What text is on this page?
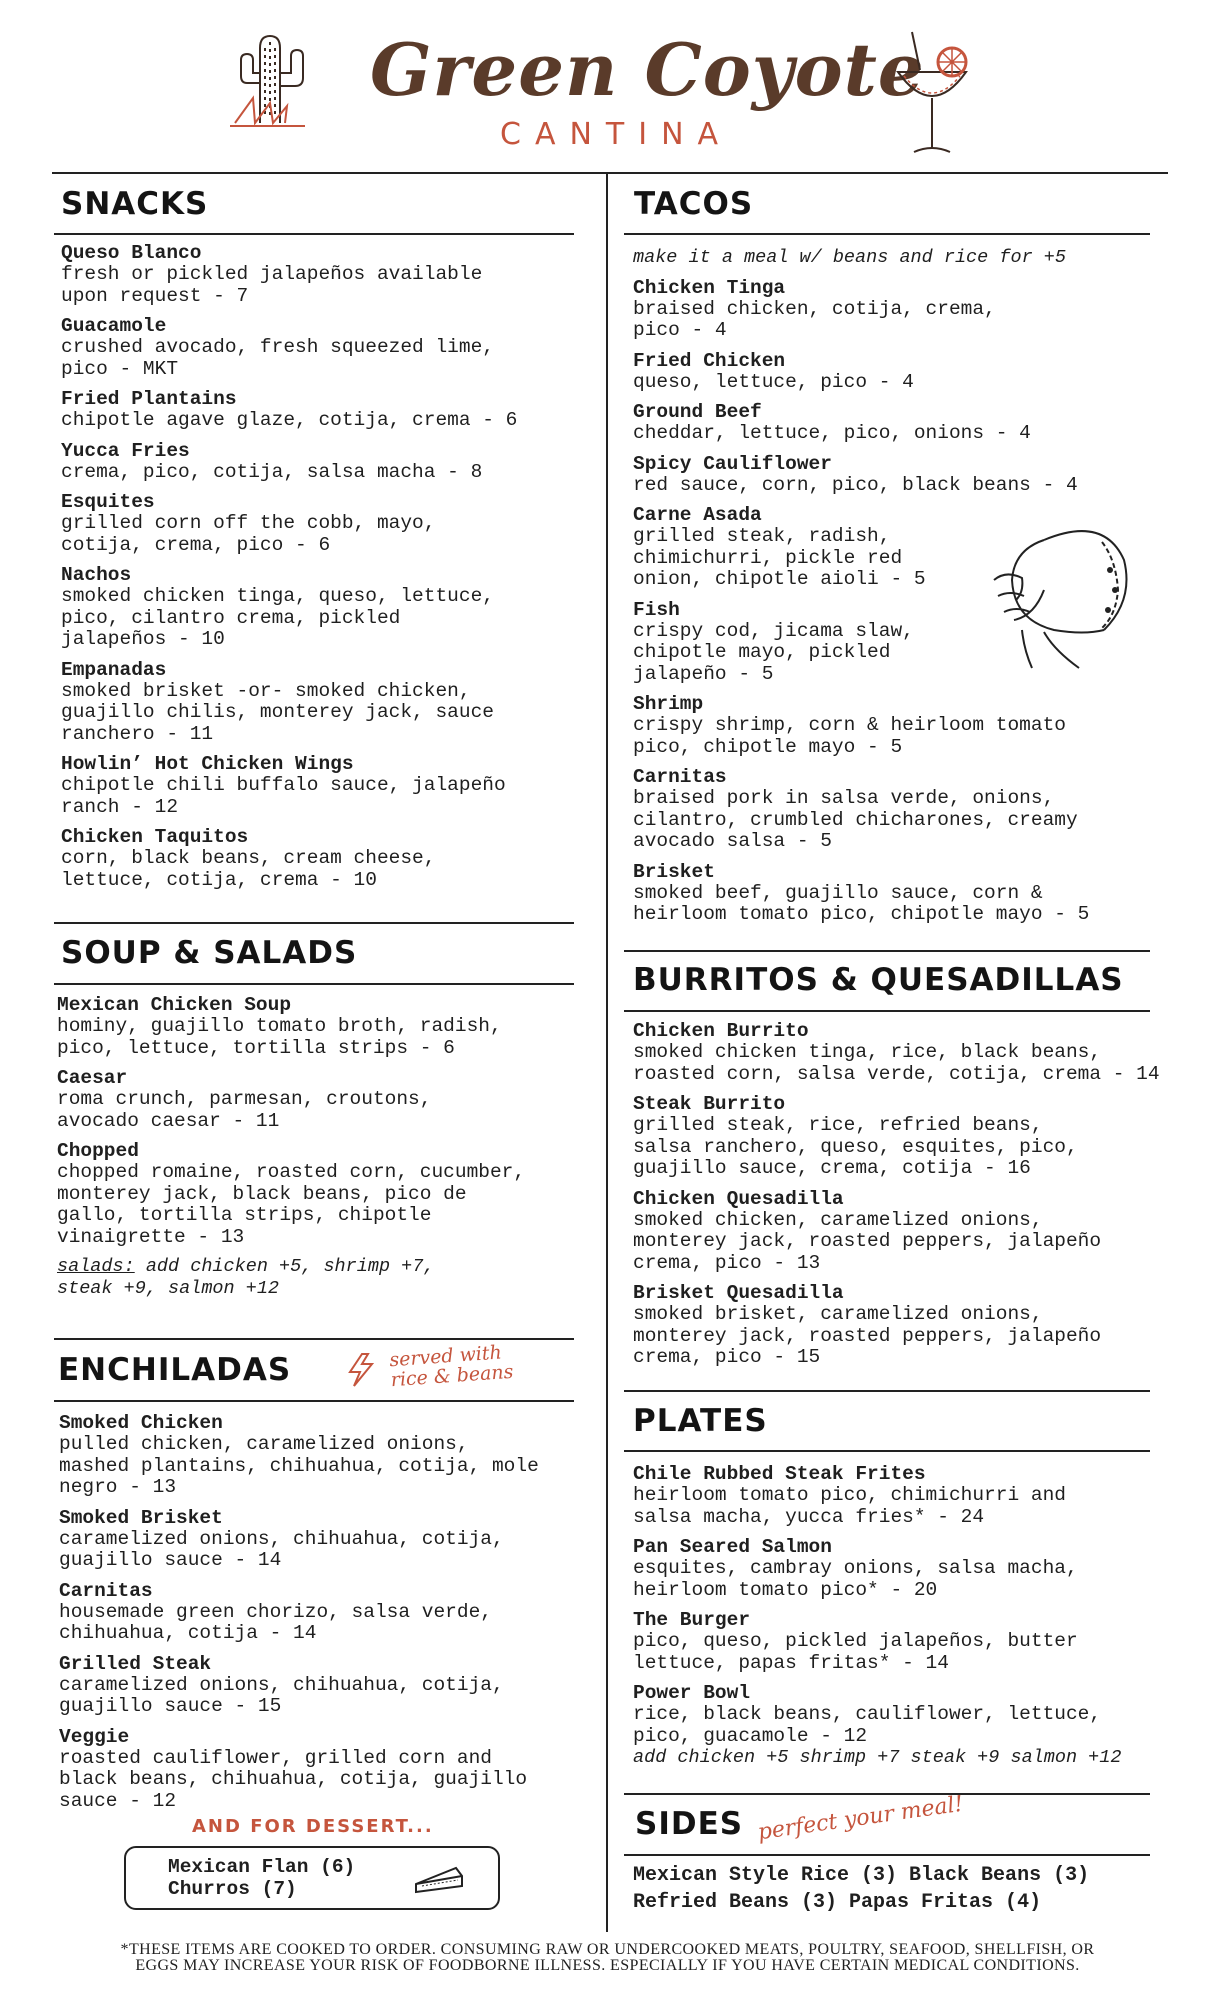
Green Coyote
CANTINA
SNACKS
Queso Blanco
fresh or pickled jalapeños available
upon request - 7
Guacamole
crushed avocado, fresh squeezed lime,
pico - MKT
Fried Plantains
chipotle agave glaze, cotija, crema - 6
Yucca Fries
crema, pico, cotija, salsa macha - 8
Esquites
grilled corn off the cobb, mayo,
cotija, crema, pico - 6
Nachos
smoked chicken tinga, queso, lettuce,
pico, cilantro crema, pickled
jalapeños - 10
Empanadas
smoked brisket -or- smoked chicken,
guajillo chilis, monterey jack, sauce
ranchero - 11
Howlin’ Hot Chicken Wings
chipotle chili buffalo sauce, jalapeño
ranch - 12
Chicken Taquitos
corn, black beans, cream cheese,
lettuce, cotija, crema - 10
SOUP & SALADS
Mexican Chicken Soup
hominy, guajillo tomato broth, radish,
pico, lettuce, tortilla strips - 6
Caesar
roma crunch, parmesan, croutons,
avocado caesar - 11
Chopped
chopped romaine, roasted corn, cucumber,
monterey jack, black beans, pico de
gallo, tortilla strips, chipotle
vinaigrette - 13
salads: add chicken +5, shrimp +7,
steak +9, salmon +12
ENCHILADAS	served with
rice & beans
Smoked Chicken
pulled chicken, caramelized onions,
mashed plantains, chihuahua, cotija, mole
negro - 13
Smoked Brisket
caramelized onions, chihuahua, cotija,
guajillo sauce - 14
Carnitas
housemade green chorizo, salsa verde,
chihuahua, cotija - 14
Grilled Steak
caramelized onions, chihuahua, cotija,
guajillo sauce - 15
Veggie
roasted cauliflower, grilled corn and
black beans, chihuahua, cotija, guajillo
sauce - 12
AND FOR DESSERT...
Mexican Flan (6)
Churros (7)
TACOS
make it a meal w/ beans and rice for +5
Chicken Tinga
braised chicken, cotija, crema,
pico - 4
Fried Chicken
queso, lettuce, pico - 4
Ground Beef
cheddar, lettuce, pico, onions - 4
Spicy Cauliflower
red sauce, corn, pico, black beans - 4
Carne Asada
grilled steak, radish,
chimichurri, pickle red
onion, chipotle aioli - 5
Fish
crispy cod, jicama slaw,
chipotle mayo, pickled
jalapeño - 5
Shrimp
crispy shrimp, corn & heirloom tomato
pico, chipotle mayo - 5
Carnitas
braised pork in salsa verde, onions,
cilantro, crumbled chicharones, creamy
avocado salsa - 5
Brisket
smoked beef, guajillo sauce, corn &
heirloom tomato pico, chipotle mayo - 5
BURRITOS & QUESADILLAS
Chicken Burrito
smoked chicken tinga, rice, black beans,
roasted corn, salsa verde, cotija, crema - 14
Steak Burrito
grilled steak, rice, refried beans,
salsa ranchero, queso, esquites, pico,
guajillo sauce, crema, cotija - 16
Chicken Quesadilla
smoked chicken, caramelized onions,
monterey jack, roasted peppers, jalapeño
crema, pico - 13
Brisket Quesadilla
smoked brisket, caramelized onions,
monterey jack, roasted peppers, jalapeño
crema, pico - 15
PLATES
Chile Rubbed Steak Frites
heirloom tomato pico, chimichurri and
salsa macha, yucca fries* - 24
Pan Seared Salmon
esquites, cambray onions, salsa macha,
heirloom tomato pico* - 20
The Burger
pico, queso, pickled jalapeños, butter
lettuce, papas fritas* - 14
Power Bowl
rice, black beans, cauliflower, lettuce,
pico, guacamole - 12
add chicken +5 shrimp +7 steak +9 salmon +12
SIDES perfect your meal!
Mexican Style Rice (3) Black Beans (3)
Refried Beans (3) Papas Fritas (4)
*THESE ITEMS ARE COOKED TO ORDER. CONSUMING RAW OR UNDERCOOKED MEATS, POULTRY, SEAFOOD, SHELLFISH, OR
EGGS MAY INCREASE YOUR RISK OF FOODBORNE ILLNESS. ESPECIALLY IF YOU HAVE CERTAIN MEDICAL CONDITIONS.
